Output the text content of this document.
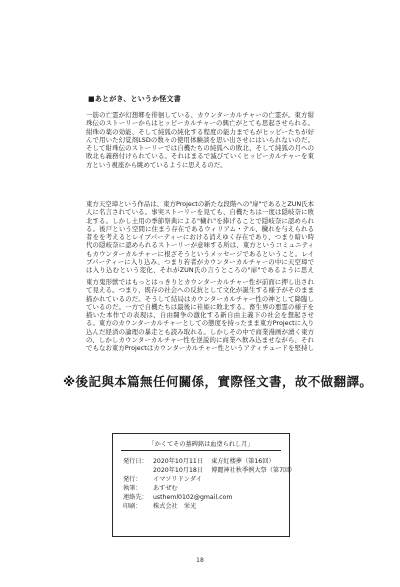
■あとがき、というか怪文書
一筋の亡霊が幻想郷を徘徊している、カウンターカルチャーの亡霊が。東方紺珠伝のストーリーからはヒッピーカルチャーの興亡がとても思起させられる。紺珠の薬の効能、そして純狐の純化する程度の能力までもがヒッピーたちが好んで用いた幻覚剤LSDの数々の使用体験談を思い出させにはいられないのだ。そして紺珠伝のストーリーでは自機たちの純狐への敗北、そして純狐の月への敗北も義務付けられている。それはまるで滅びていくヒッピーカルチャーを東方という視座から眺めているように思えるのだ。
東方天空璋という作品は、東方Projectの新たな段階への"扉"であるとZUN氏本人に名言されている。事実ストーリーを見ても、自機たちは一度は隠岐奈に敗北する。しかし土用の季節祭典による"穢れ"を捧げることで隠岐奈に認められる。後戸という空間に住まう存在であるウィリアム・テル、穢れを与えられる者をを考えるとレイブパーティーにおける消えゆく存在であり、つまり暗い時代の隠岐奈に認められるストーリーが意味する所は、東方というコミュニティもカウンターカルチャーに根ざそうというメッセージであるということ。レイブパーティーに入り込み、つまり若者がカウンターカルチャーの中に天空璋では入り込むという変化、それがZUN氏の言うところの"扉"であるように思え
東方鬼形獣ではもっとはっきりとカウンターカルチャー性が前面に押し出されて見える。つまり、既存の社会への反抗として文化が誕生する様子がそのまま描かれているのだ。そうして結局はカウンターカルチャー性の神として降臨しているのだ。一方で自機たちは最後に袿姫に敗北する。畜生界の悪霊の様子を描いた本作での表現は、自由闘争の激化する新自由主義下の社会を想起させる。東方のカウンターカルチャーとしての態度を持ったまま東方Projectに入り込んだ経済の論理の暴走とも読み取れる。しかしその中で商業漫画が湧く東方の、しかしカウンターカルチャー性を逆説的に商業へ飲み込ませながら、それでもなお東方Projectはカウンターカルチャー性というアティチュードを堅持し
※後記與本篇無任何關係，實際怪文書，故不做翻譯。
「かくてその墓碑銘は血塗られし月」
発行日： 2020年10月11日 東方紅楼夢（第16回）
2020年10月18日 博麗神社秋季例大祭（第7回）
発行： イマソリドンダイ
執筆： あすぜむ
連絡先： ustheml0102@gmail.com
印刷： 株式会社　栄光
18
